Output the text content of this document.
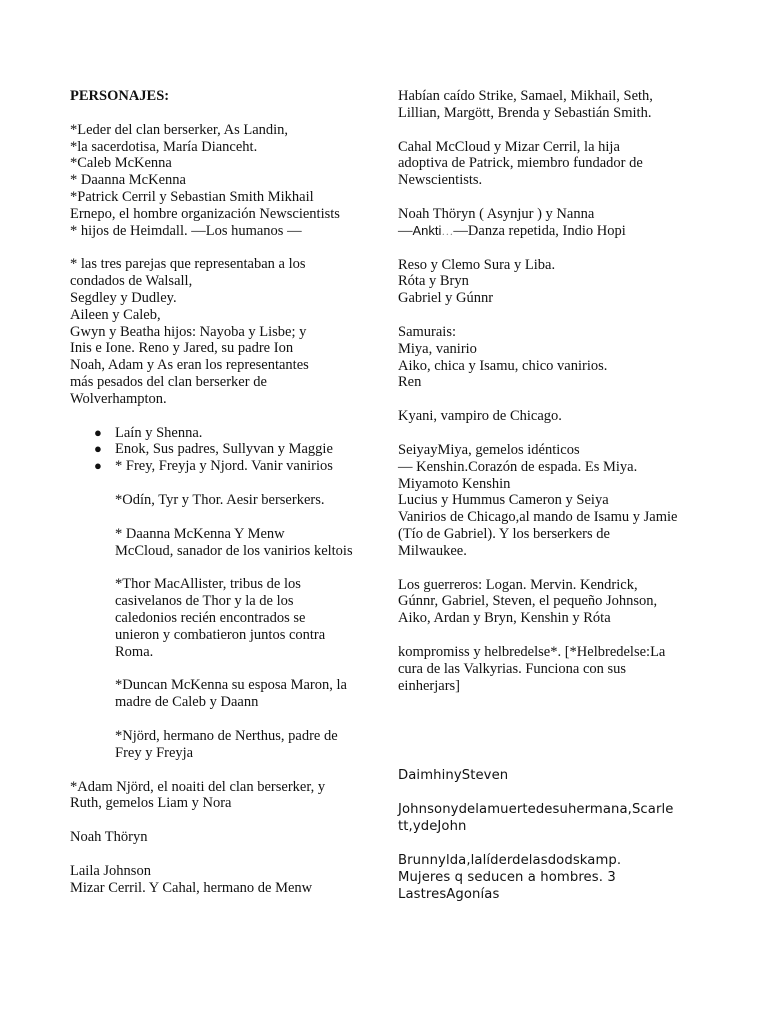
PERSONAJES:
*Leder del clan berserker, As Landin,
*la sacerdotisa, María Dianceht.
*Caleb McKenna
* Daanna McKenna
*Patrick Cerril y Sebastian Smith Mikhail
Ernepo, el hombre organización Newscientists
* hijos de Heimdall. —Los humanos —
* las tres parejas que representaban a los
condados de Walsall,
Segdley y Dudley.
Aileen y Caleb,
Gwyn y Beatha hijos: Nayoba y Lisbe; y
Inis e Ione. Reno y Jared, su padre Ion
Noah, Adam y As eran los representantes
más pesados del clan berserker de
Wolverhampton.
● Laín y Shenna.
● Enok, Sus padres, Sullyvan y Maggie
● * Frey, Freyja y Njord. Vanir vanirios
*Odín, Tyr y Thor. Aesir berserkers.
* Daanna McKenna Y Menw
McCloud, sanador de los vanirios keltois
*Thor MacAllister, tribus de los
casivelanos de Thor y la de los
caledonios recién encontrados se
unieron y combatieron juntos contra
Roma.
*Duncan McKenna su esposa Maron, la
madre de Caleb y Daann
*Njörd, hermano de Nerthus, padre de
Frey y Freyja
*Adam Njörd, el noaiti del clan berserker, y
Ruth, gemelos Liam y Nora
Noah Thöryn
Laila Johnson
Mizar Cerril. Y Cahal, hermano de Menw
Habían caído Strike, Samael, Mikhail, Seth,
Lillian, Margött, Brenda y Sebastián Smith.
Cahal McCloud y Mizar Cerril, la hija
adoptiva de Patrick, miembro fundador de
Newscientists.
Noah Thöryn ( Asynjur ) y Nanna
—Ankti…—Danza repetida, Indio Hopi
Reso y Clemo Sura y Liba.
Róta y Bryn
Gabriel y Gúnnr
Samurais:
Miya, vanirio
Aiko, chica y Isamu, chico vanirios.
Ren
Kyani, vampiro de Chicago.
SeiyayMiya, gemelos idénticos
— Kenshin.Corazón de espada. Es Miya.
Miyamoto Kenshin
Lucius y Hummus Cameron y Seiya
Vanirios de Chicago,al mando de Isamu y Jamie
(Tío de Gabriel). Y los berserkers de
Milwaukee.
Los guerreros: Logan. Mervin. Kendrick,
Gúnnr, Gabriel, Steven, el pequeño Johnson,
Aiko, Ardan y Bryn, Kenshin y Róta
kompromiss y helbredelse*. [*Helbredelse:La
cura de las Valkyrias. Funciona con sus
einherjars]
DaimhinySteven
Johnsonydelamuertedesuhermana,Scarle
tt,ydeJohn
Brunnylda,lalíderdelasdodskamp.
Mujeres q seducen a hombres. 3
LastresAgonías
